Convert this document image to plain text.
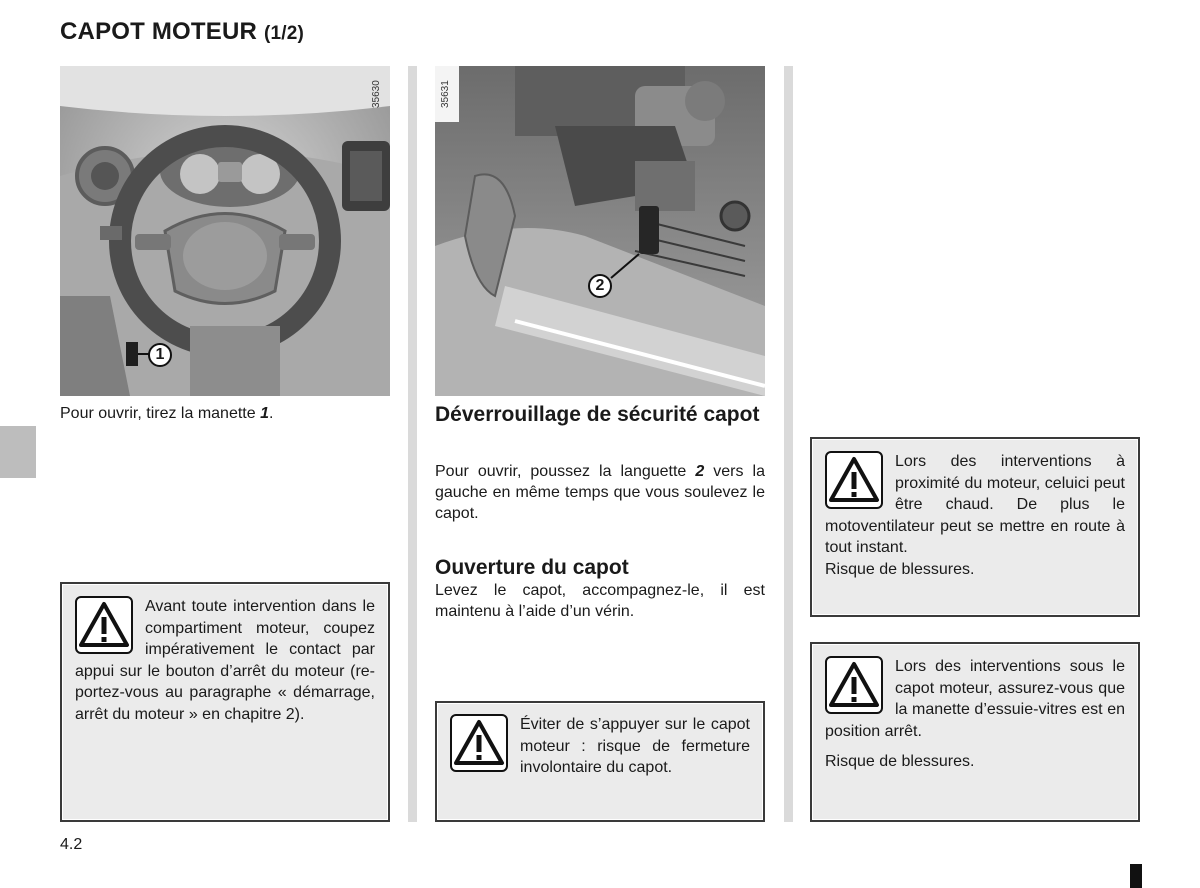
CAPOT MOTEUR (1/2)
35630
1
35631
2
Pour ouvrir, tirez la manette 1.
Avant toute intervention dans le compartiment moteur, coupez impérativement le contact par appui sur le bouton d’arrêt du moteur (reportez-vous au paragraphe « démarrage, arrêt du moteur » en chapitre 2).
Déverrouillage de sécurité capot
Pour ouvrir, poussez la languette 2 vers la gauche en même temps que vous soulevez le capot.
Ouverture du capot
Levez le capot, accompagnez-le, il est maintenu à l’aide d’un vérin.
Éviter de s’appuyer sur le capot moteur : risque de fermeture involontaire du capot.

Lors des interventions à proximité du moteur, celuici peut être chaud. De plus le motoventilateur peut se mettre en route à tout instant.

Risque de blessures.

Lors des interventions sous le capot moteur, assurez-vous que la manette d’essuie-vitres est en position arrêt.

Risque de blessures.

4.2
